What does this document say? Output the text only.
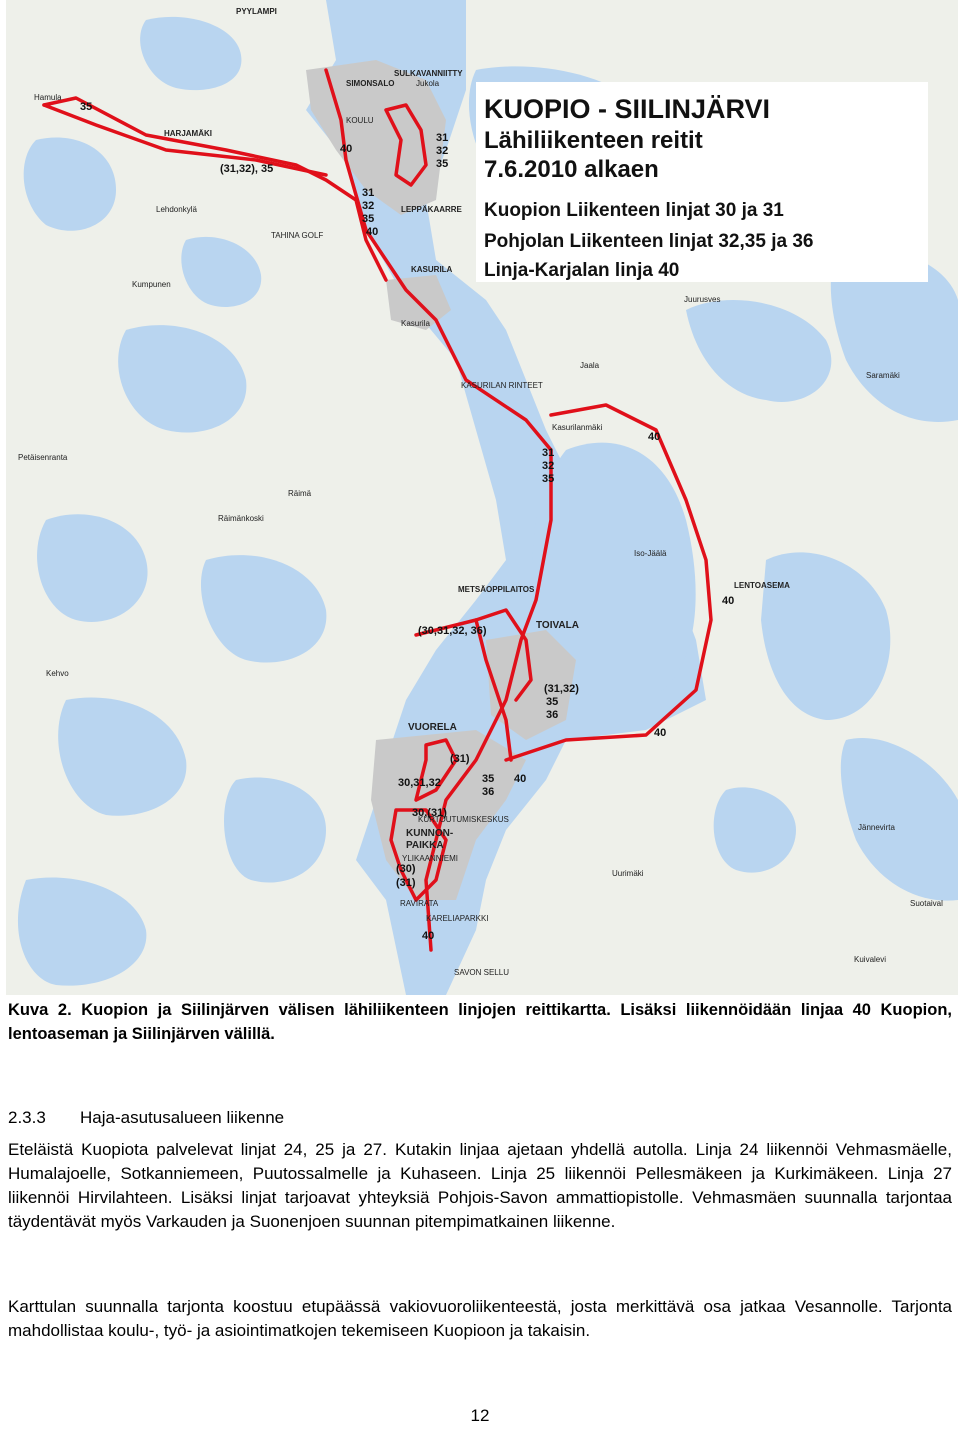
KUOPIO - SIILINJÄRVI
Lähiliikenteen reitit
7.6.2010 alkaen
Kuopion Liikenteen linjat 30 ja 31
Pohjolan Liikenteen linjat 32,35 ja 36
Linja-Karjalan linja 40
PYYLAMPI
SIMONSALO
SULKAVANNIITTY
Jukola
HARJAMÄKI
Hamula
KOULU
LEPPÄKAARRE
KASURILA
Kasurila
Lehdonkylä
Kumpunen
TAHINA GOLF
KASURILAN RINTEET
Petäisenranta
Räimä
Räimänkoski
Jaala
Juurusves
Saramäki
Kasurilanmäki
Iso-Jäälä
LENTOASEMA
METSÄOPPILAITOS
TOIVALA
Kehvo
VUORELA
KURTOUTUMISKESKUS
KUNNON-
PAIKKA
YLIKAANNIEMI
RAVIRATA
KARELIAPARKKI
SAVON SELLU
Jännevirta
Uurimäki
Suotaival
Kuivalevi
35
(31,32), 35
40
31
32
35
31
32
35
40
31
32
35
40
40
(30,31,32, 36)
(31,32)
35
36
40
(31)
30,31,32	35
36
40
30,(31)
(30)
(31)
40
Kuva 2. Kuopion ja Siilinjärven välisen lähiliikenteen linjojen reittikartta. Lisäksi liikennöidään linjaa 40 Kuopion, lentoaseman ja Siilinjärven välillä.
2.3.3 Haja-asutusalueen liikenne

Eteläistä Kuopiota palvelevat linjat 24, 25 ja 27. Kutakin linjaa ajetaan yhdellä autolla. Linja 24 liikennöi Vehmasmäelle, Humalajoelle, Sotkanniemeen, Puutossalmelle ja Kuhaseen. Linja 25 liikennöi Pellesmäkeen ja Kurkimäkeen. Linja 27 liikennöi Hirvilahteen. Lisäksi linjat tarjoavat yhteyksiä Pohjois-Savon ammattiopistolle. Vehmasmäen suunnalla tarjontaa täydentävät myös Varkauden ja Suonenjoen suunnan pitempimatkainen liikenne.

Karttulan suunnalla tarjonta koostuu etupäässä vakiovuoroliikenteestä, josta merkittävä osa jatkaa Vesannolle. Tarjonta mahdollistaa koulu-, työ- ja asiointimatkojen tekemiseen Kuopioon ja takaisin.

12
